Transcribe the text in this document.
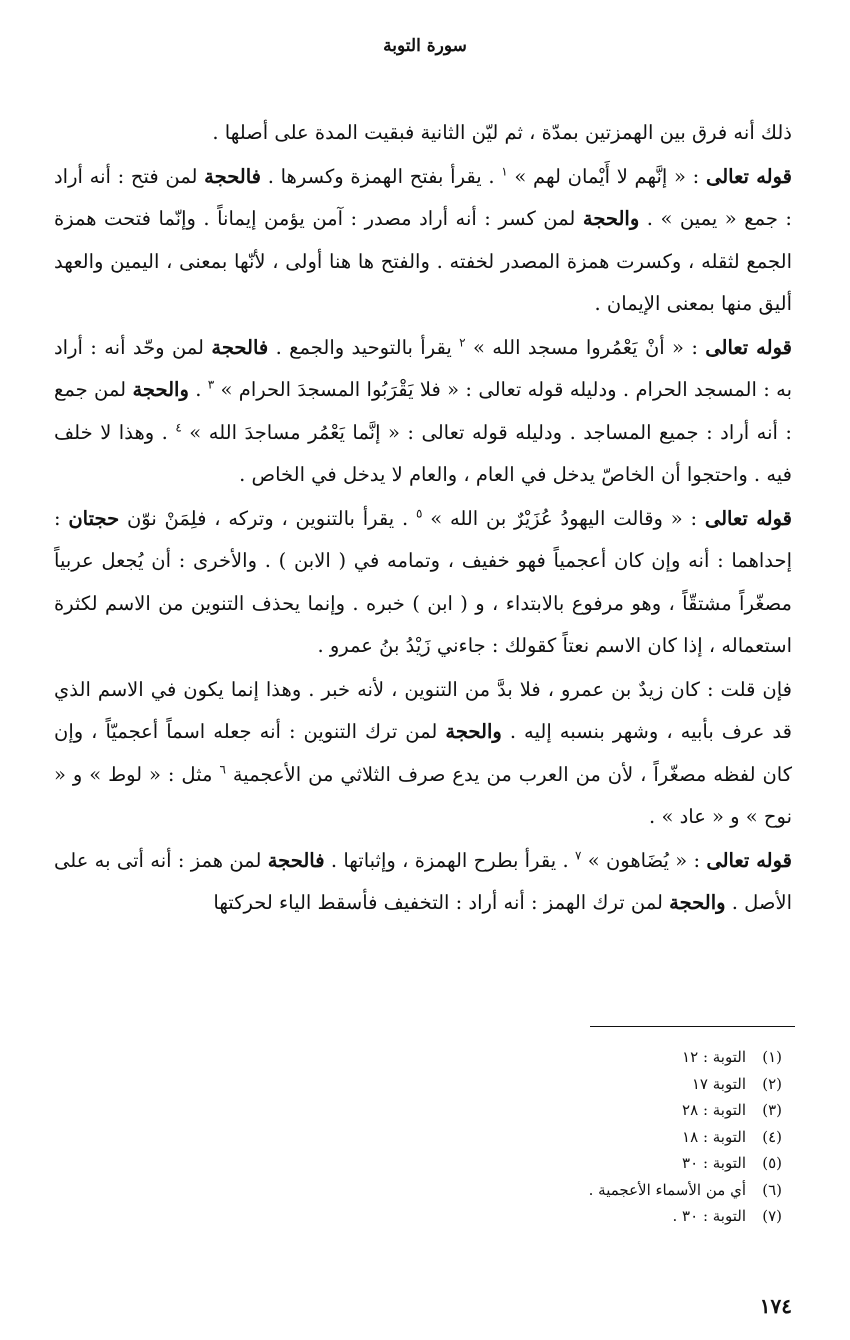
سورة التوبة

ذلك أنه فرق بين الهمزتين بمدّة ، ثم ليّن الثانية فبقيت المدة على أصلها .

قوله تعالى : « إنَّهم لا أَيْمان لهم » $^١$ . يقرأ بفتح الهمزة وكسرها . فالحجة لمن فتح : أنه أراد : جمع « يمين » . والحجة لمن كسر : أنه أراد مصدر : آمن يؤمن إيماناً . وإنّما فتحت همزة الجمع لثقله ، وكسرت همزة المصدر لخفته . والفتح ها هنا أولى ، لأنّها بمعنى ، اليمين والعهد أليق منها بمعنى الإيمان .

قوله تعالى : « أنْ يَعْمُروا مسجد الله » $^٢$ يقرأ بالتوحيد والجمع . فالحجة لمن وحّد أنه : أراد به : المسجد الحرام . ودليله قوله تعالى : « فلا يَقْرَبُوا المسجدَ الحرام » $^٣$ . والحجة لمن جمع : أنه أراد : جميع المساجد . ودليله قوله تعالى : « إنَّما يَعْمُر مساجدَ الله » $^٤$ . وهذا لا خلف فيه . واحتجوا أن الخاصّ يدخل في العام ، والعام لا يدخل في الخاص .

قوله تعالى : « وقالت اليهودُ عُزَيْرٌ بن الله » $^٥$ . يقرأ بالتنوين ، وتركه ، فلِمَنْ نوّن حجتان : إحداهما : أنه وإن كان أعجمياً فهو خفيف ، وتمامه في ( الابن ) . والأخرى : أن يُجعل عربياً مصغّراً مشتقّاً ، وهو مرفوع بالابتداء ، و ( ابن ) خبره . وإنما يحذف التنوين من الاسم لكثرة استعماله ، إذا كان الاسم نعتاً كقولك : جاءني زَيْدُ بنُ عمرو .

فإن قلت : كان زيدٌ بن عمرو ، فلا بدَّ من التنوين ، لأنه خبر . وهذا إنما يكون في الاسم الذي قد عرف بأبيه ، وشهر بنسبه إليه . والحجة لمن ترك التنوين : أنه جعله اسماً أعجميّاً ، وإن كان لفظه مصغّراً ، لأن من العرب من يدع صرف الثلاثي من الأعجمية $^٦$ مثل : « لوط » و « نوح » و « عاد » .

قوله تعالى : « يُضَاهون » $^٧$ . يقرأ بطرح الهمزة ، وإثباتها . فالحجة لمن همز : أنه أتى به على الأصل . والحجة لمن ترك الهمز : أنه أراد : التخفيف فأسقط الياء لحركتها

(١)التوبة : ١٢
(٢)التوبة ١٧
(٣)التوبة : ٢٨
(٤)التوبة : ١٨
(٥)التوبة : ٣٠
(٦)أي من الأسماء الأعجمية .
(٧)التوبة : ٣٠ .
١٧٤
